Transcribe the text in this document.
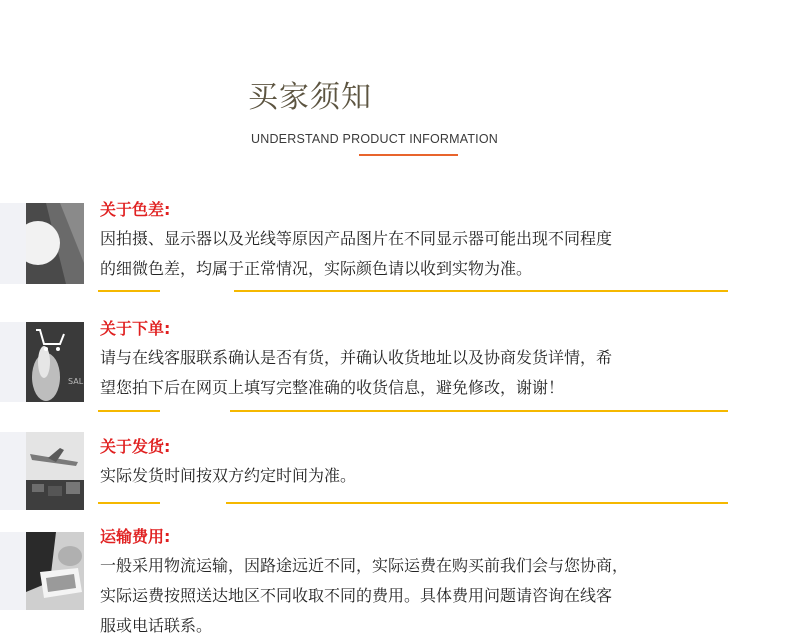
买家须知
UNDERSTAND PRODUCT INFORMATION
关于色差:
因拍摄、显示器以及光线等原因产品图片在不同显示器可能出现不同程度
的细微色差，均属于正常情况，实际颜色请以收到实物为准。
SAL
关于下单:
请与在线客服联系确认是否有货，并确认收货地址以及协商发货详情，希
望您拍下后在网页上填写完整准确的收货信息，避免修改，谢谢！
关于发货:
实际发货时间按双方约定时间为准。
运输费用:
一般采用物流运输，因路途远近不同，实际运费在购买前我们会与您协商，
实际运费按照送达地区不同收取不同的费用。具体费用问题请咨询在线客
服或电话联系。
